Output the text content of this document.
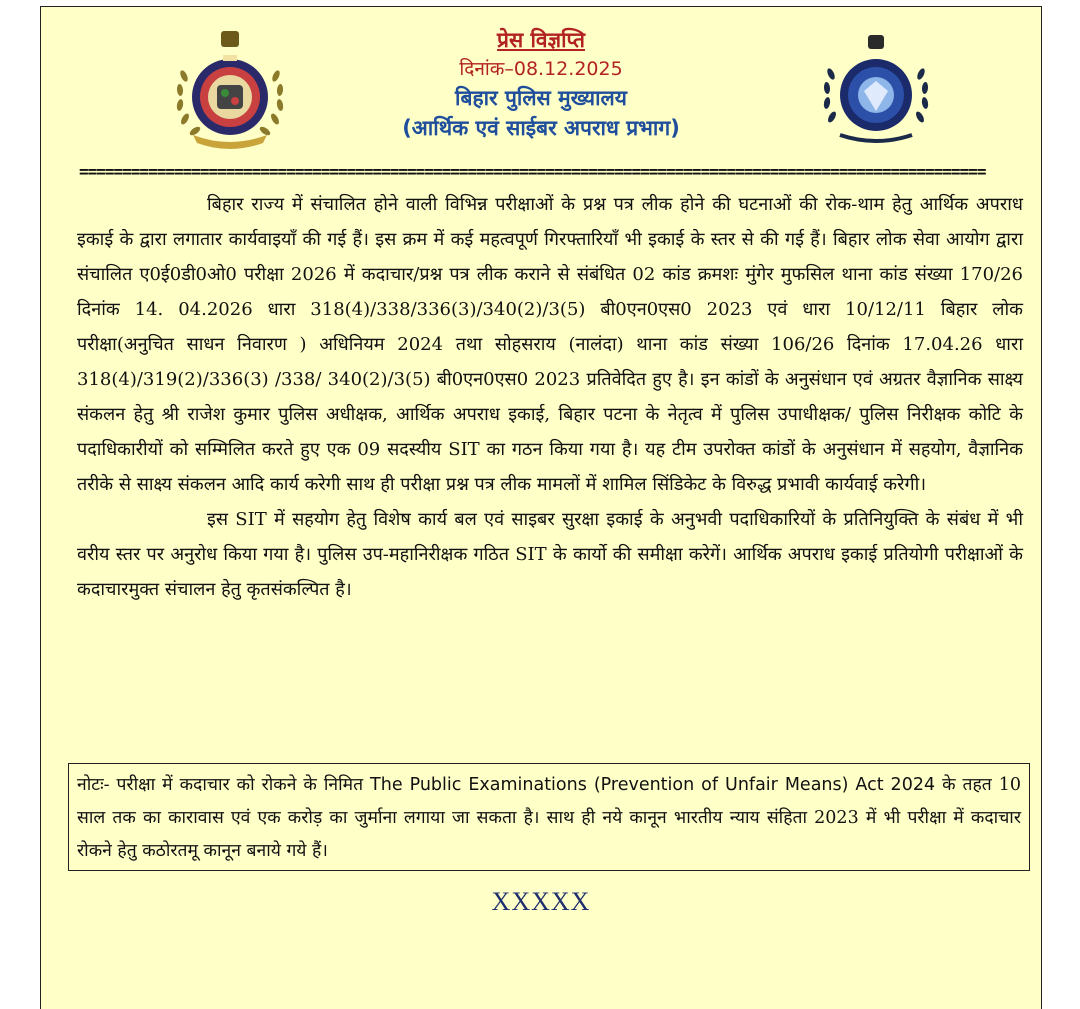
प्रेस विज्ञप्ति
दिनांक–08.12.2025
बिहार पुलिस मुख्यालय
(आर्थिक एवं साईबर अपराध प्रभाग)
=========================================================================================================

बिहार राज्य में संचालित होने वाली विभिन्न परीक्षाओं के प्रश्न पत्र लीक होने की घटनाओं की रोक-थाम हेतु आर्थिक अपराध इकाई के द्वारा लगातार कार्यवाइयाँ की गई हैं। इस क्रम में कई महत्वपूर्ण गिरफ्तारियाँ भी इकाई के स्तर से की गई हैं। बिहार लोक सेवा आयोग द्वारा संचालित ए0ई0डी0ओ0 परीक्षा 2026 में कदाचार/प्रश्न पत्र लीक कराने से संबंधित 02 कांड क्रमशः मुंगेर मुफसिल थाना कांड संख्या 170/26 दिनांक 14. 04.2026 धारा 318(4)/338/336(3)/340(2)/3(5) बी0एन0एस0 2023 एवं धारा 10/12/11 बिहार लोक परीक्षा(अनुचित साधन निवारण ) अधिनियम 2024 तथा सोहसराय (नालंदा) थाना कांड संख्या 106/26 दिनांक 17.04.26 धारा 318(4)/319(2)/336(3) /338/ 340(2)/3(5) बी0एन0एस0 2023 प्रतिवेदित हुए है। इन कांडों के अनुसंधान एवं अग्रतर वैज्ञानिक साक्ष्य संकलन हेतु श्री राजेश कुमार पुलिस अधीक्षक, आर्थिक अपराध इकाई, बिहार पटना के नेतृत्व में पुलिस उपाधीक्षक/ पुलिस निरीक्षक कोटि के पदाधिकारीयों को सम्मिलित करते हुए एक 09 सदस्यीय SIT का गठन किया गया है। यह टीम उपरोक्त कांडों के अनुसंधान में सहयोग, वैज्ञानिक तरीके से साक्ष्य संकलन आदि कार्य करेगी साथ ही परीक्षा प्रश्न पत्र लीक मामलों में शामिल सिंडिकेट के विरुद्ध प्रभावी कार्यवाई करेगी।

इस SIT में सहयोग हेतु विशेष कार्य बल एवं साइबर सुरक्षा इकाई के अनुभवी पदाधिकारियों के प्रतिनियुक्ति के संबंध में भी वरीय स्तर पर अनुरोध किया गया है। पुलिस उप-महानिरीक्षक गठित SIT के कार्यो की समीक्षा करेगें। आर्थिक अपराध इकाई प्रतियोगी परीक्षाओं के कदाचारमुक्त संचालन हेतु कृतसंकल्पित है।

नोटः- परीक्षा में कदाचार को रोकने के निमित The Public Examinations (Prevention of Unfair Means) Act 2024 के तहत 10 साल तक का कारावास एवं एक करोड़ का जुर्माना लगाया जा सकता है। साथ ही नये कानून भारतीय न्याय संहिता 2023 में भी परीक्षा में कदाचार रोकने हेतु कठोरतमू कानून बनाये गये हैं।
XXXXX
